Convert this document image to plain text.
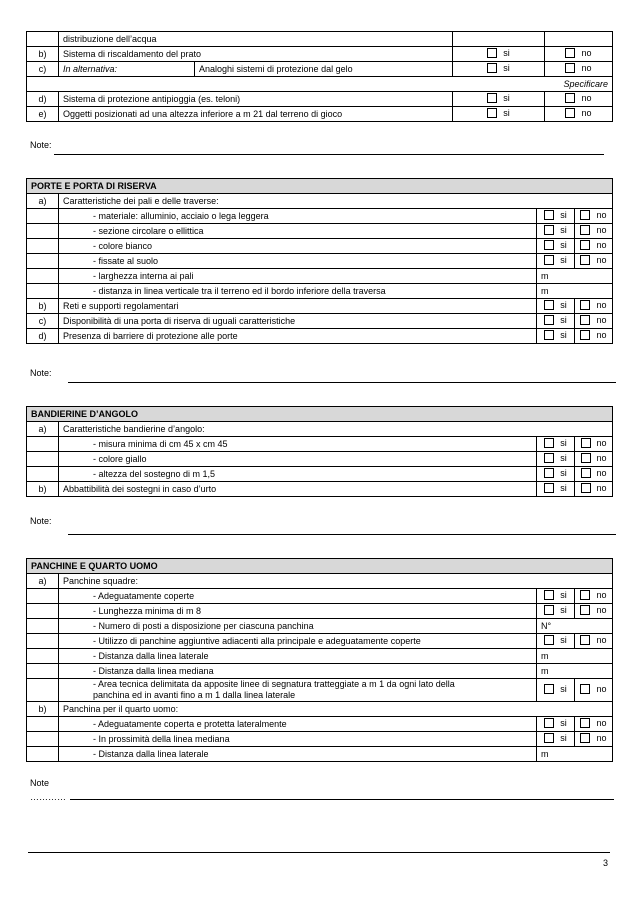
	distribuzione dell’acqua			
b)	Sistema di riscaldamento del prato		si	no
c)	In alternativa:	Analoghi sistemi di protezione dal gelo	si	no
Specificare				
d)	Sistema di protezione antipioggia (es. teloni)		si	no
e)	Oggetti posizionati ad una altezza inferiore a m 21 dal terreno di gioco		si	no
Note:
PORTE E PORTA DI RISERVA			
a)	Caratteristiche dei pali e delle traverse:		
	- materiale: alluminio, acciaio o lega leggera	si	no
	- sezione circolare o ellittica	si	no
	- colore bianco	si	no
	- fissate al suolo	si	no
	- larghezza interna ai pali	m	
	- distanza in linea verticale tra il terreno ed il bordo inferiore della traversa	m	
b)	Reti e supporti regolamentari	si	no
c)	Disponibilità di una porta di riserva di uguali caratteristiche	si	no
d)	Presenza di barriere di protezione alle porte	si	no
Note:
BANDIERINE D’ANGOLO			
a)	Caratteristiche bandierine d’angolo:		
	- misura minima di cm 45 x cm 45	si	no
	- colore giallo	si	no
	- altezza del sostegno di m 1,5	si	no
b)	Abbattibilità dei sostegni in caso d’urto	si	no
Note:
PANCHINE E QUARTO UOMO			
a)	Panchine squadre:		
	- Adeguatamente coperte	si	no
	- Lunghezza minima di m 8	si	no
	- Numero di posti a disposizione per ciascuna panchina	N°	
	- Utilizzo di panchine aggiuntive adiacenti alla principale e adeguatamente coperte	si	no
	- Distanza dalla linea laterale	m	
	- Distanza dalla linea mediana	m	
	- Area tecnica delimitata da apposite linee di segnatura tratteggiate a m 1 da ogni lato della panchina ed in avanti fino a m 1 dalla linea laterale	si	no
b)	Panchina per il quarto uomo:		
	- Adeguatamente coperta e protetta lateralmente	si	no
	- In prossimità della linea mediana	si	no
	- Distanza dalla linea laterale	m	
Note
…………
3
